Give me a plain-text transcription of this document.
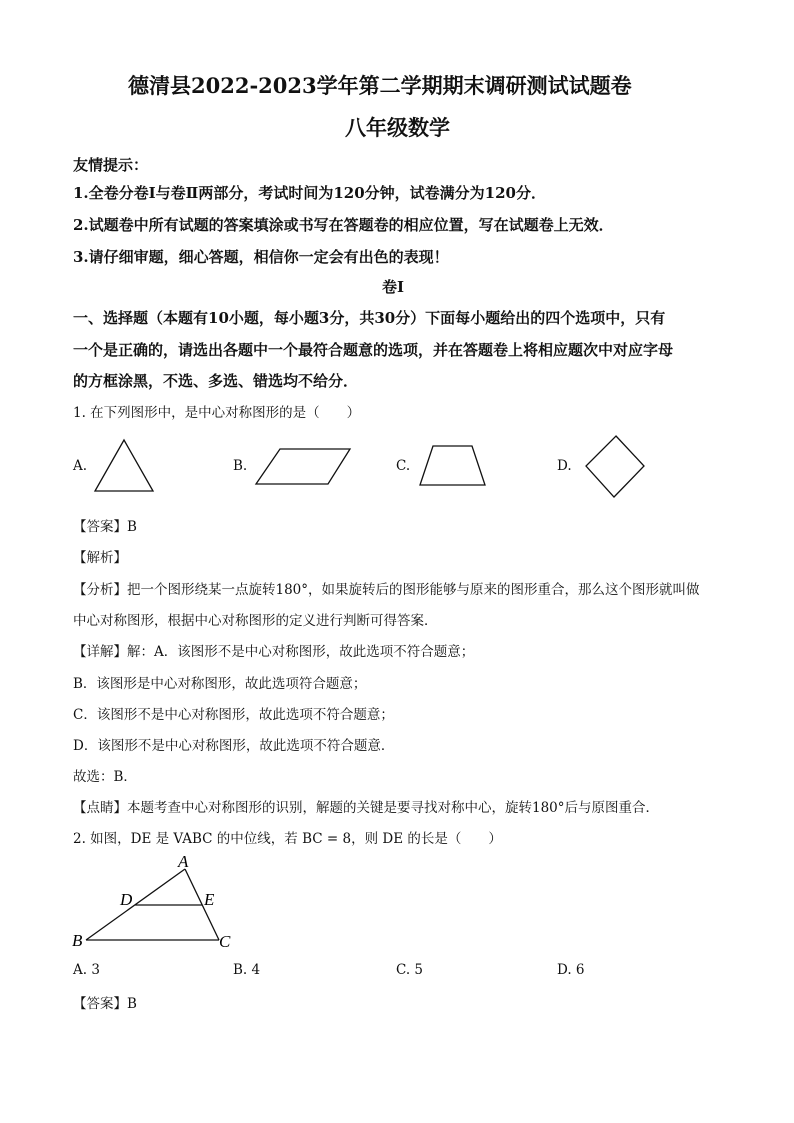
德清县2022-2023学年第二学期期末调研测试试题卷
八年级数学
友情提示：
1.全卷分卷Ⅰ与卷Ⅱ两部分，考试时间为120分钟，试卷满分为120分．
2.试题卷中所有试题的答案填涂或书写在答题卷的相应位置，写在试题卷上无效．
3.请仔细审题，细心答题，相信你一定会有出色的表现！
卷Ⅰ
一、选择题（本题有10小题，每小题3分，共30分）下面每小题给出的四个选项中，只有
一个是正确的，请选出各题中一个最符合题意的选项，并在答题卷上将相应题次中对应字母
的方框涂黑，不选、多选、错选均不给分．
1. 在下列图形中，是中心对称图形的是（　　）
A.	B.	C.	D.
A
D	E
B	C
【答案】B
【解析】
【分析】把一个图形绕某一点旋转180°，如果旋转后的图形能够与原来的图形重合，那么这个图形就叫做
中心对称图形，根据中心对称图形的定义进行判断可得答案．
【详解】解：A．该图形不是中心对称图形，故此选项不符合题意；
B．该图形是中心对称图形，故此选项符合题意；
C．该图形不是中心对称图形，故此选项不符合题意；
D．该图形不是中心对称图形，故此选项不符合题意．
故选：B．
【点睛】本题考查中心对称图形的识别，解题的关键是要寻找对称中心，旋转180°后与原图重合．
2. 如图，DE 是 VABC 的中位线，若 BC = 8，则 DE 的长是（　　）
A. 3	B. 4	C. 5	D. 6
【答案】B
